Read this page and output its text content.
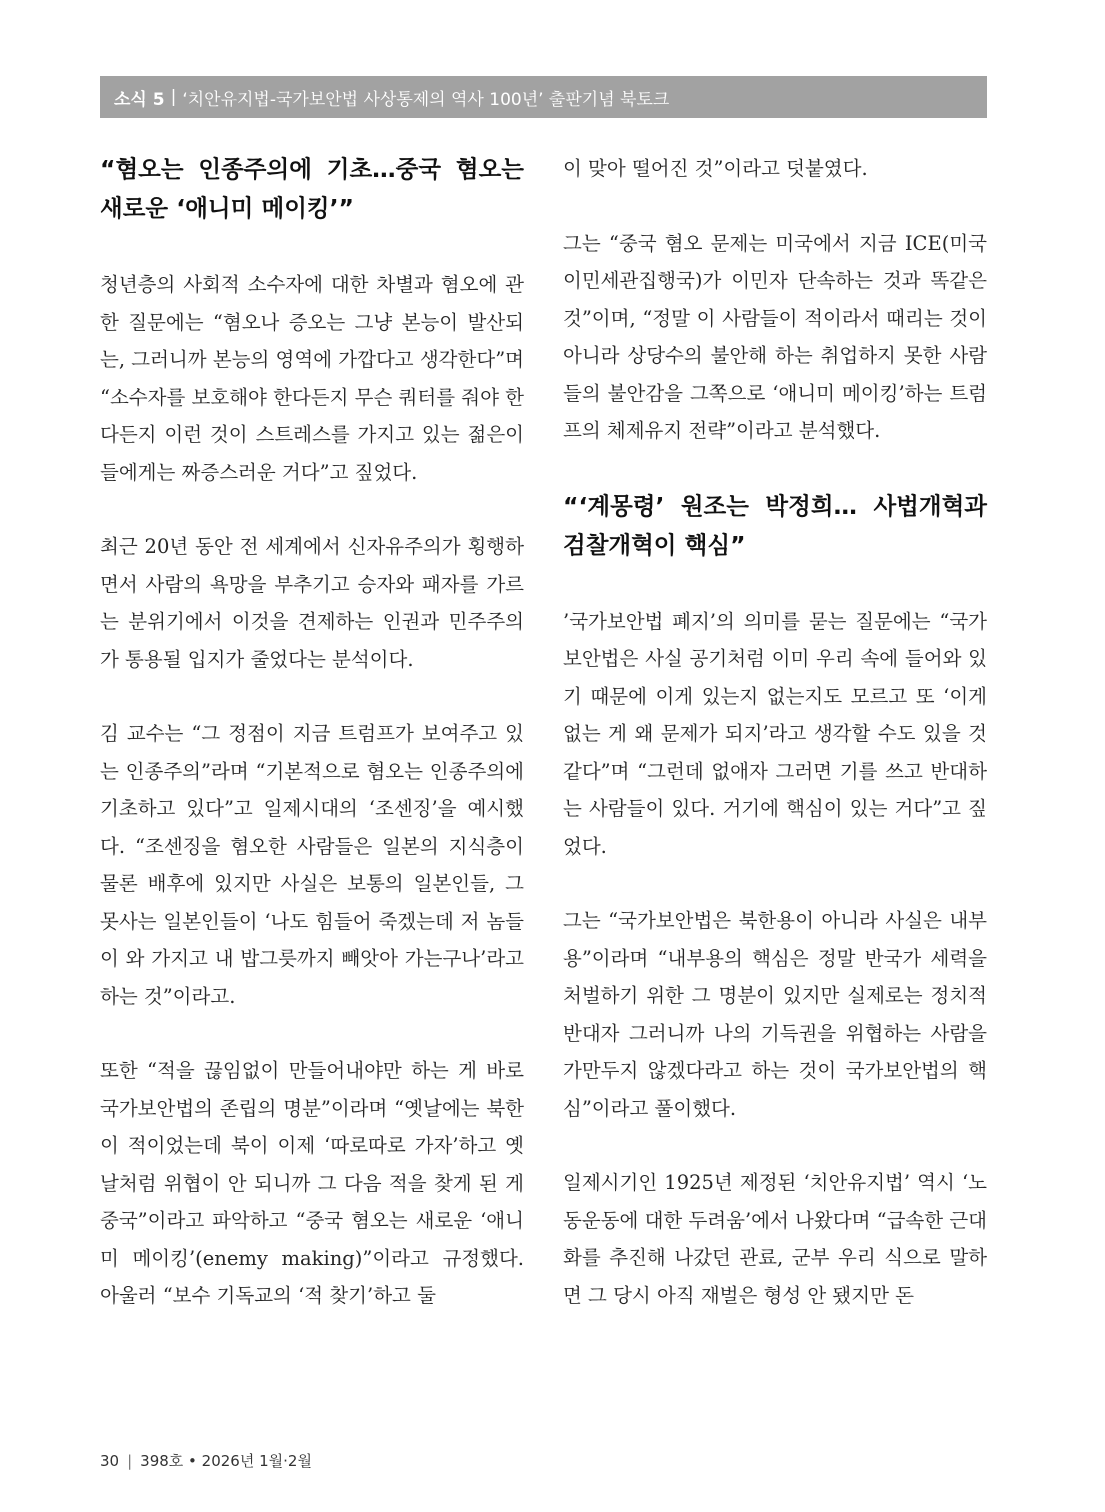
소식 5 | ‘치안유지법-국가보안법 사상통제의 역사 100년’ 출판기념 북토크
“혐오는 인종주의에 기초…중국 혐오는 새로운 ‘애니미 메이킹’”

청년층의 사회적 소수자에 대한 차별과 혐오에 관한 질문에는 “혐오나 증오는 그냥 본능이 발산되는, 그러니까 본능의 영역에 가깝다고 생각한다”며 “소수자를 보호해야 한다든지 무슨 쿼터를 줘야 한다든지 이런 것이 스트레스를 가지고 있는 젊은이들에게는 짜증스러운 거다”고 짚었다.

최근 20년 동안 전 세계에서 신자유주의가 횡행하면서 사람의 욕망을 부추기고 승자와 패자를 가르는 분위기에서 이것을 견제하는 인권과 민주주의가 통용될 입지가 줄었다는 분석이다.

김 교수는 “그 정점이 지금 트럼프가 보여주고 있는 인종주의”라며 “기본적으로 혐오는 인종주의에 기초하고 있다”고 일제시대의 ‘조센징’을 예시했다. “조센징을 혐오한 사람들은 일본의 지식층이 물론 배후에 있지만 사실은 보통의 일본인들, 그 못사는 일본인들이 ‘나도 힘들어 죽겠는데 저 놈들이 와 가지고 내 밥그릇까지 빼앗아 가는구나’라고 하는 것”이라고.

또한 “적을 끊임없이 만들어내야만 하는 게 바로 국가보안법의 존립의 명분”이라며 “옛날에는 북한이 적이었는데 북이 이제 ‘따로따로 가자’하고 옛날처럼 위협이 안 되니까 그 다음 적을 찾게 된 게 중국”이라고 파악하고 “중국 혐오는 새로운 ‘애니미 메이킹’(enemy making)”이라고 규정했다. 아울러 “보수 기독교의 ‘적 찾기’하고 둘

이 맞아 떨어진 것”이라고 덧붙였다.

그는 “중국 혐오 문제는 미국에서 지금 ICE(미국이민세관집행국)가 이민자 단속하는 것과 똑같은 것”이며, “정말 이 사람들이 적이라서 때리는 것이 아니라 상당수의 불안해 하는 취업하지 못한 사람들의 불안감을 그쪽으로 ‘애니미 메이킹’하는 트럼프의 체제유지 전략”이라고 분석했다.

“‘계몽령’ 원조는 박정희… 사법개혁과 검찰개혁이 핵심”

’국가보안법 폐지’의 의미를 묻는 질문에는 “국가보안법은 사실 공기처럼 이미 우리 속에 들어와 있기 때문에 이게 있는지 없는지도 모르고 또 ‘이게 없는 게 왜 문제가 되지’라고 생각할 수도 있을 것 같다”며 “그런데 없애자 그러면 기를 쓰고 반대하는 사람들이 있다. 거기에 핵심이 있는 거다”고 짚었다.

그는 “국가보안법은 북한용이 아니라 사실은 내부용”이라며 “내부용의 핵심은 정말 반국가 세력을 처벌하기 위한 그 명분이 있지만 실제로는 정치적 반대자 그러니까 나의 기득권을 위협하는 사람을 가만두지 않겠다라고 하는 것이 국가보안법의 핵심”이라고 풀이했다.

일제시기인 1925년 제정된 ‘치안유지법’ 역시 ‘노동운동에 대한 두려움’에서 나왔다며 “급속한 근대화를 추진해 나갔던 관료, 군부 우리 식으로 말하면 그 당시 아직 재벌은 형성 안 됐지만 돈

30 | 398호 • 2026년 1월·2월
